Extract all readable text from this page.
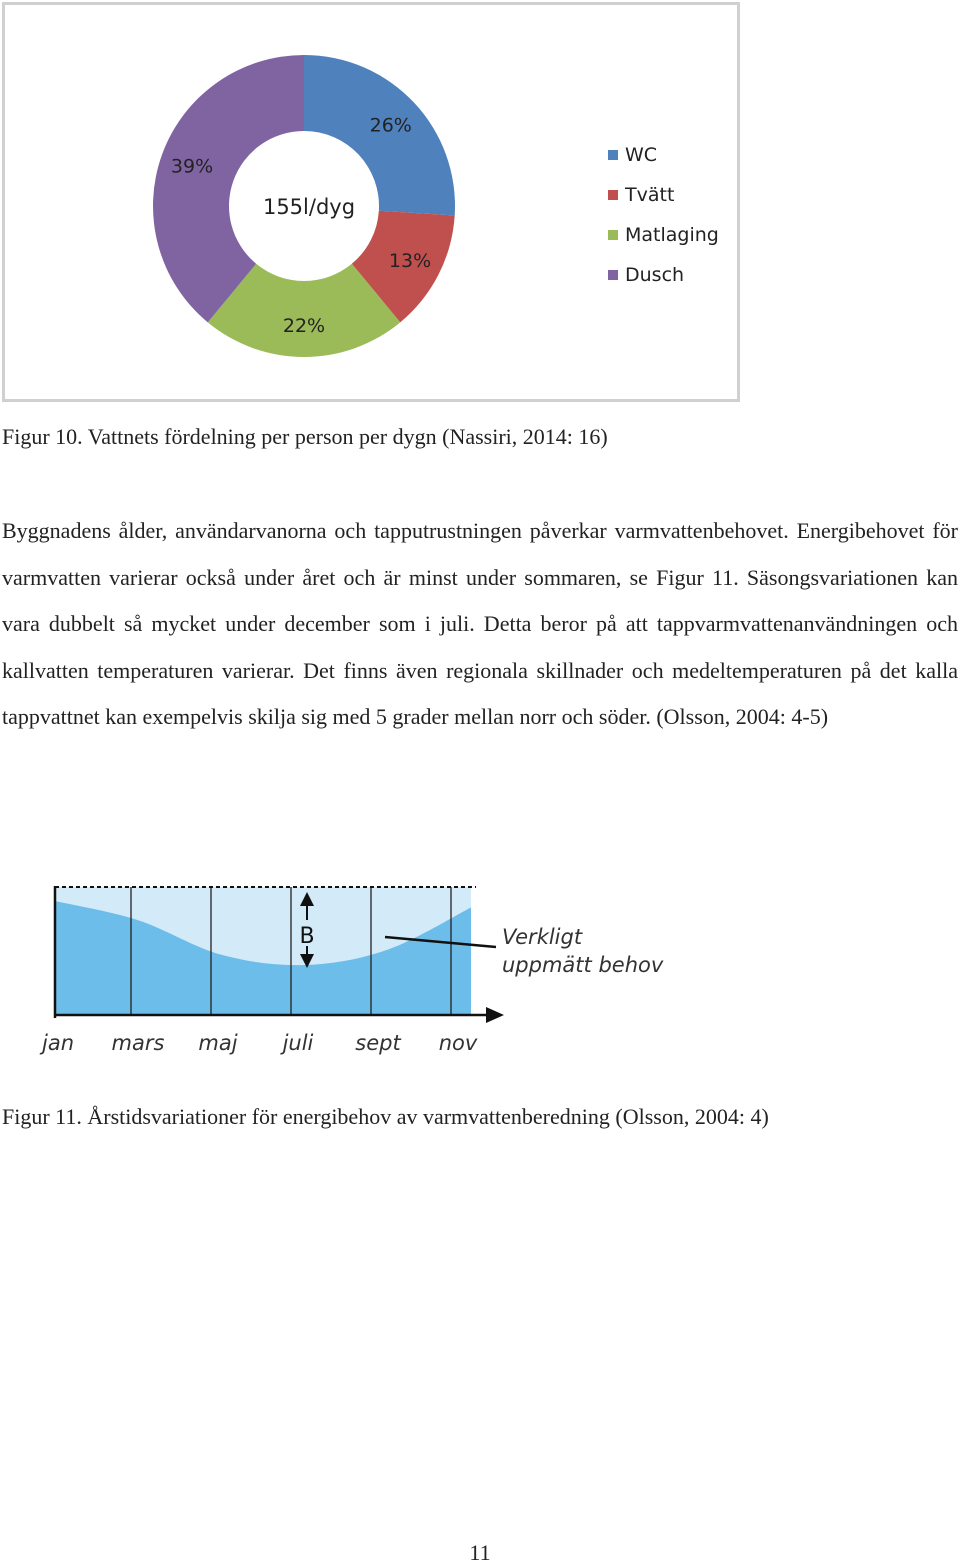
155l/dyg
26%
13%
22%
39%
WC
Tvätt
Matlaging
Dusch
Figur 10. Vattnets fördelning per person per dygn (Nassiri, 2014: 16)

Byggnadens ålder, användarvanorna och tapputrustningen påverkar varmvattenbehovet. Energibehovet för varmvatten varierar också under året och är minst under sommaren, se Figur 11. Säsongsvariationen kan vara dubbelt så mycket under december som i juli. Detta beror på att tappvarmvattenanvändningen och kallvatten temperaturen varierar. Det finns även regionala skillnader och medeltemperaturen på det kalla tappvattnet kan exempelvis skilja sig med 5 grader mellan norr och söder. (Olsson, 2004: 4-5)

B	Verkligt
uppmätt behov
jan mars maj juli sept nov
Figur 11. Årstidsvariationer för energibehov av varmvattenberedning (Olsson, 2004: 4)
11
